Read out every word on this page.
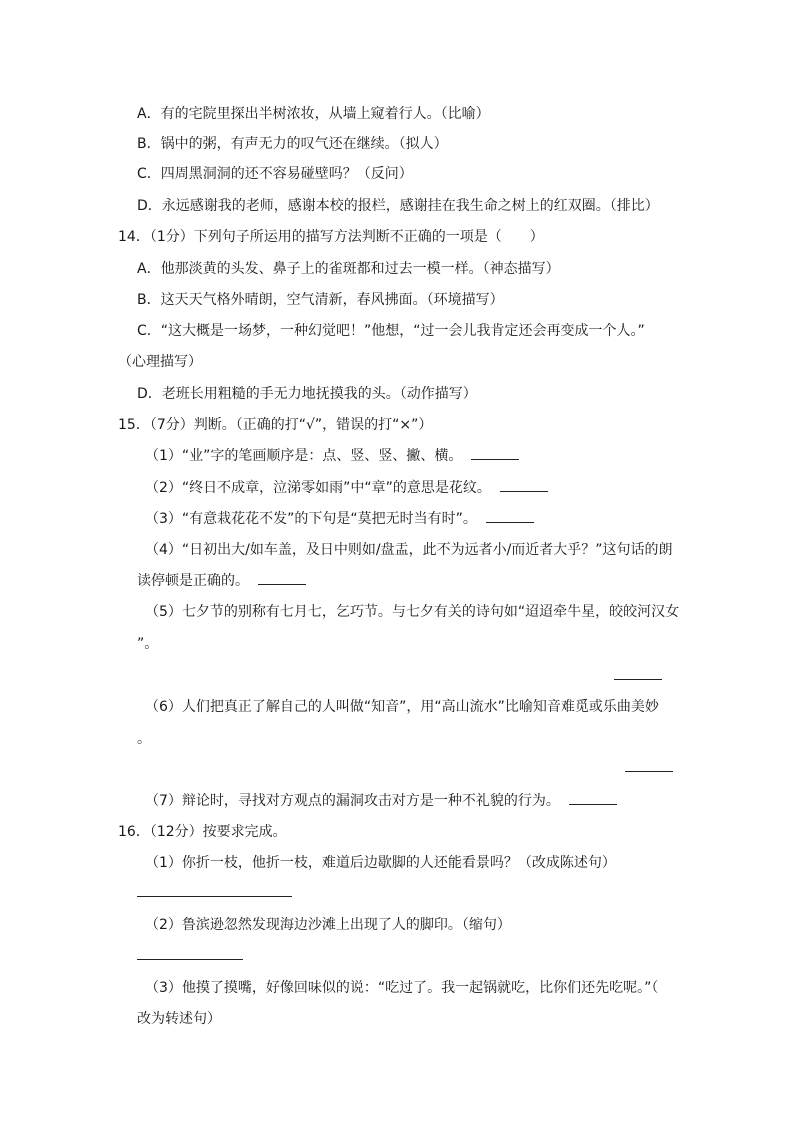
A．有的宅院里探出半树浓妆，从墙上窥着行人。（比喻）
B．锅中的粥，有声无力的叹气还在继续。（拟人）
C．四周黑洞洞的还不容易碰壁吗？（反问）
D．永远感谢我的老师，感谢本校的报栏，感谢挂在我生命之树上的红双圈。（排比）
14．（1分）下列句子所运用的描写方法判断不正确的一项是（　　）
A．他那淡黄的头发、鼻子上的雀斑都和过去一模一样。（神态描写）
B．这天天气格外晴朗，空气清新，春风拂面。（环境描写）
C．“这大概是一场梦，一种幻觉吧！”他想，“过一会儿我肯定还会再变成一个人。”
（心理描写）
D．老班长用粗糙的手无力地抚摸我的头。（动作描写）
15．（7分）判断。（正确的打“√”，错误的打“×”）
（1）“业”字的笔画顺序是：点、竖、竖、撇、横。
（2）“终日不成章，泣涕零如雨”中“章”的意思是花纹。
（3）“有意栽花花不发”的下句是“莫把无时当有时”。
（4）“日初出大/如车盖，及日中则如/盘盂，此不为远者小/而近者大乎？”这句话的朗
读停顿是正确的。
（5）七夕节的别称有七月七，乞巧节。与七夕有关的诗句如“迢迢牵牛星，皎皎河汉女
”。
（6）人们把真正了解自己的人叫做“知音”，用“高山流水”比喻知音难觅或乐曲美妙
。
（7）辩论时，寻找对方观点的漏洞攻击对方是一种不礼貌的行为。
16．（12分）按要求完成。
（1）你折一枝，他折一枝，难道后边歇脚的人还能看景吗？（改成陈述句）
（2）鲁滨逊忽然发现海边沙滩上出现了人的脚印。（缩句）
（3）他摸了摸嘴，好像回味似的说：“吃过了。我一起锅就吃，比你们还先吃呢。”（
改为转述句）
